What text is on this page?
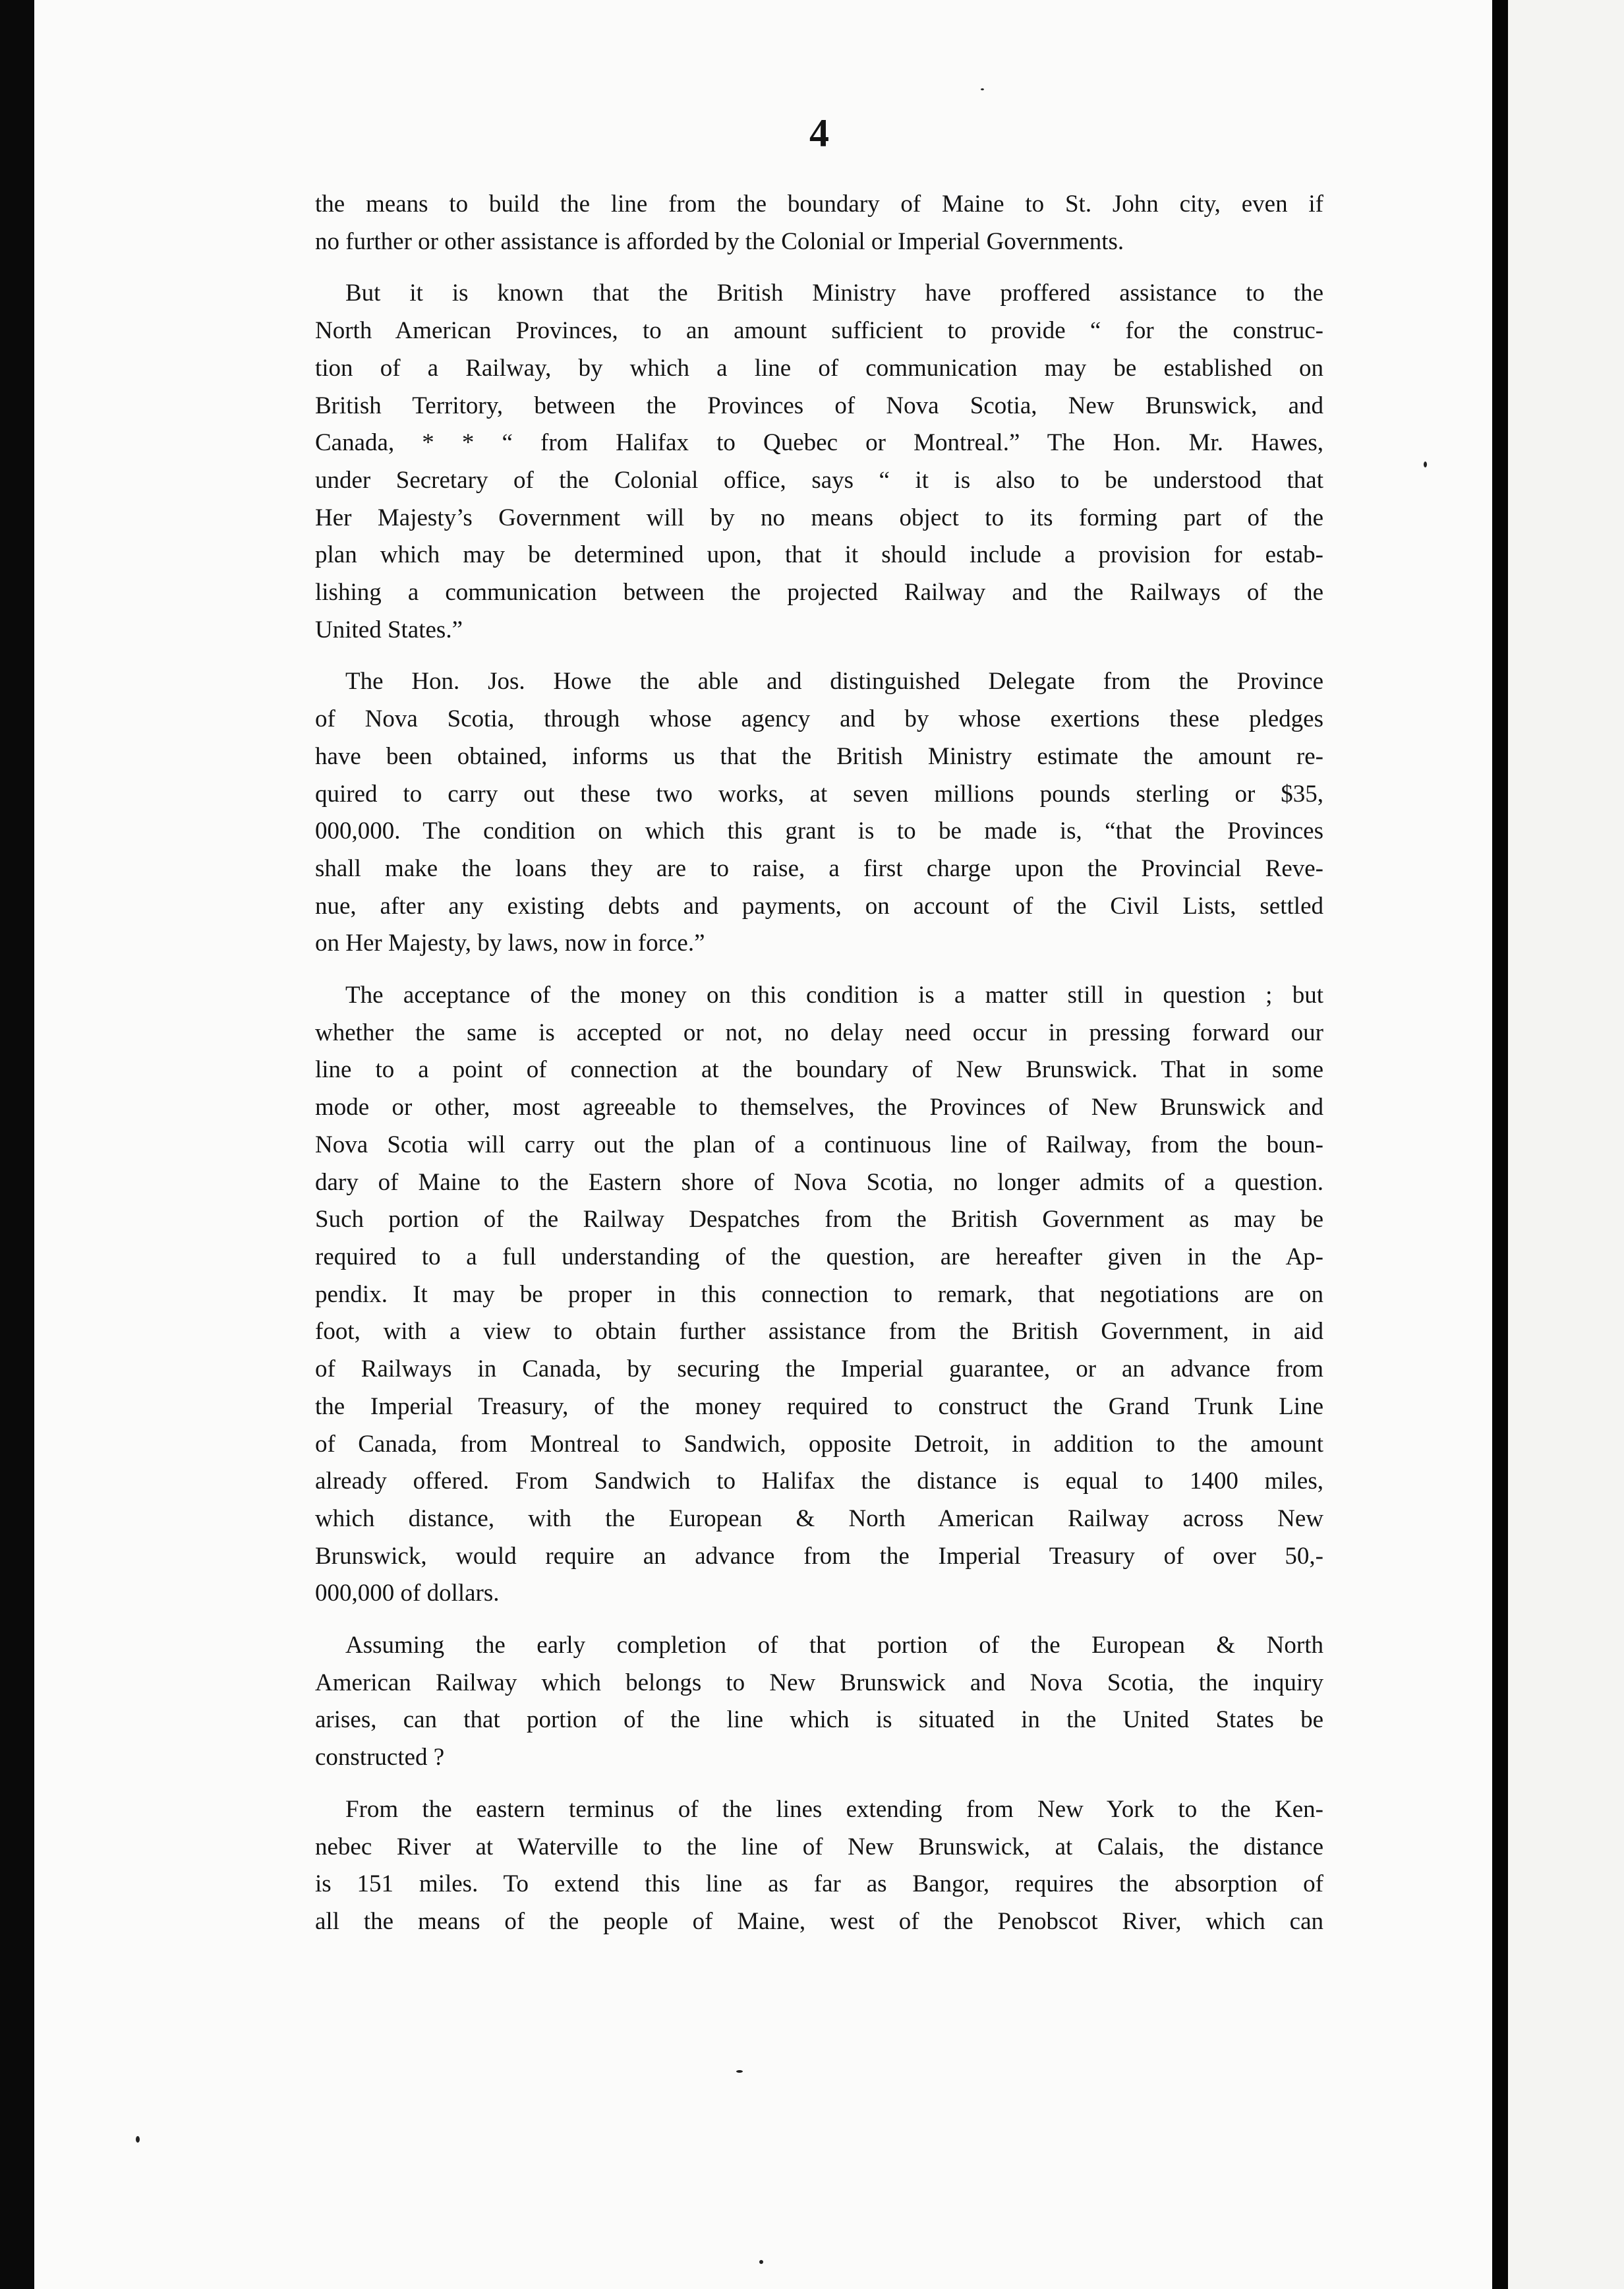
4

the means to build the line from the boundary of Maine to St. John city, even if

no further or other assistance is afforded by the Colonial or Imperial Governments.

But it is known that the British Ministry have proffered assistance to the

North American Provinces, to an amount sufficient to provide “ for the construc-

tion of a Railway, by which a line of communication may be established on

British Territory, between the Provinces of Nova Scotia, New Brunswick, and

Canada, * * “ from Halifax to Quebec or Montreal.” The Hon. Mr. Hawes,

under Secretary of the Colonial office, says “ it is also to be understood that

Her Majesty’s Government will by no means object to its forming part of the

plan which may be determined upon, that it should include a provision for estab-

lishing a communication between the projected Railway and the Railways of the

United States.”

The Hon. Jos. Howe the able and distinguished Delegate from the Province

of Nova Scotia, through whose agency and by whose exertions these pledges

have been obtained, informs us that the British Ministry estimate the amount re-

quired to carry out these two works, at seven millions pounds sterling or $35,

000,000. The condition on which this grant is to be made is, “that the Provinces

shall make the loans they are to raise, a first charge upon the Provincial Reve-

nue, after any existing debts and payments, on account of the Civil Lists, settled

on Her Majesty, by laws, now in force.”

The acceptance of the money on this condition is a matter still in question ; but

whether the same is accepted or not, no delay need occur in pressing forward our

line to a point of connection at the boundary of New Brunswick. That in some

mode or other, most agreeable to themselves, the Provinces of New Brunswick and

Nova Scotia will carry out the plan of a continuous line of Railway, from the boun-

dary of Maine to the Eastern shore of Nova Scotia, no longer admits of a question.

Such portion of the Railway Despatches from the British Government as may be

required to a full understanding of the question, are hereafter given in the Ap-

pendix. It may be proper in this connection to remark, that negotiations are on

foot, with a view to obtain further assistance from the British Government, in aid

of Railways in Canada, by securing the Imperial guarantee, or an advance from

the Imperial Treasury, of the money required to construct the Grand Trunk Line

of Canada, from Montreal to Sandwich, opposite Detroit, in addition to the amount

already offered. From Sandwich to Halifax the distance is equal to 1400 miles,

which distance, with the European & North American Railway across New

Brunswick, would require an advance from the Imperial Treasury of over 50,-

000,000 of dollars.

Assuming the early completion of that portion of the European & North

American Railway which belongs to New Brunswick and Nova Scotia, the inquiry

arises, can that portion of the line which is situated in the United States be

constructed ?

From the eastern terminus of the lines extending from New York to the Ken-

nebec River at Waterville to the line of New Brunswick, at Calais, the distance

is 151 miles. To extend this line as far as Bangor, requires the absorption of

all the means of the people of Maine, west of the Penobscot River, which can
